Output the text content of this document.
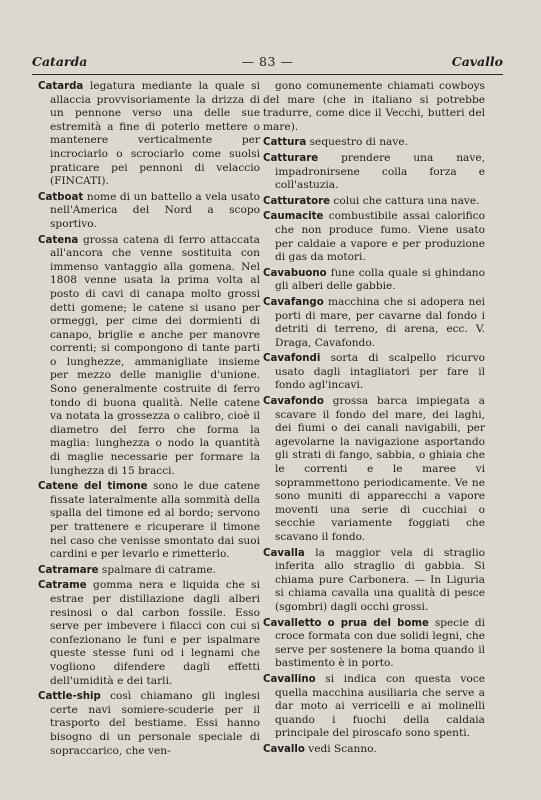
Catarda	— 83 —	Cavallo

Catarda legatura mediante la quale si allaccia provvisoriamente la drizza di un pennone verso una delle sue estremità a fine di poterlo mettere o mantenere verticalmente per incrociarlo o scrociarlo come suolsi praticare pei pennoni di velaccio (FINCATI).

Catboat nome di un battello a vela usato nell'America del Nord a scopo sportivo.

Catena grossa catena di ferro attaccata all'ancora che venne sostituita con immenso vantaggio alla gomena. Nel 1808 venne usata la prima volta al posto di cavi di canapa molto grossi detti gomene; le catene si usano per ormeggi, per cime dei dormienti di canapo, briglie e anche per manovre correnti; si compongono di tante parti o lunghezze, ammanigliate insieme per mezzo delle maniglie d'unione. Sono generalmente costruite di ferro tondo di buona qualità. Nelle catene va notata la grossezza o calibro, cioè il diametro del ferro che forma la maglia: lunghezza o nodo la quantità di maglie necessarie per formare la lunghezza di 15 bracci.

Catene del timone sono le due catene fissate lateralmente alla sommità della spalla del timone ed al bordo; servono per trattenere e ricuperare il timone nel caso che venisse smontato dai suoi cardini e per levarlo e rimetterlo.

Catramare spalmare di catrame.

Catrame gomma nera e liquida che si estrae per distillazione dagli alberi resinosi o dal carbon fossile. Esso serve per imbevere i filacci con cui si confezionano le funi e per ispalmare queste stesse funi od i legnami che vogliono difendere dagli effetti dell'umidità e dei tarli.

Cattle-ship così chiamano gli inglesi certe navi somiere-scuderie per il trasporto del bestiame. Essi hanno bisogno di un personale speciale di sopraccarico, che ven-

gono comunemente chiamati cowboys del mare (che in italiano si potrebbe tradurre, come dice il Vecchi, butteri del mare).

Cattura sequestro di nave.

Catturare prendere una nave, impadronirsene colla forza e coll'astuzia.

Catturatore colui che cattura una nave.

Caumacite combustibile assai calorifico che non produce fumo. Viene usato per caldaie a vapore e per produzione di gas da motori.

Cavabuono fune colla quale si ghindano gli alberi delle gabbie.

Cavafango macchina che si adopera nei porti di mare, per cavarne dal fondo i detriti di terreno, di arena, ecc. V. Draga, Cavafondo.

Cavafondi sorta di scalpello ricurvo usato dagli intagliatori per fare il fondo agl'incavi.

Cavafondo grossa barca impiegata a scavare il fondo del mare, dei laghi, dei fiumi o dei canali navigabili, per agevolarne la navigazione asportando gli strati di fango, sabbia, o ghiaia che le correnti e le maree vi soprammettono periodicamente. Ve ne sono muniti di apparecchi a vapore moventi una serie di cucchiai o secchie variamente foggiati che scavano il fondo.

Cavalla la maggior vela di straglio inferita allo straglio di gabbia. Si chiama pure Carbonera. — In Liguria si chiama cavalla una qualità di pesce (sgombri) dagli occhi grossi.

Cavalletto o prua del bome specie di croce formata con due solidi legni, che serve per sostenere la boma quando il bastimento è in porto.

Cavallino si indica con questa voce quella macchina ausiliaria che serve a dar moto ai verricelli e ai molinelli quando i fuochi della caldaia principale del piroscafo sono spenti.

Cavallo vedi Scanno.
